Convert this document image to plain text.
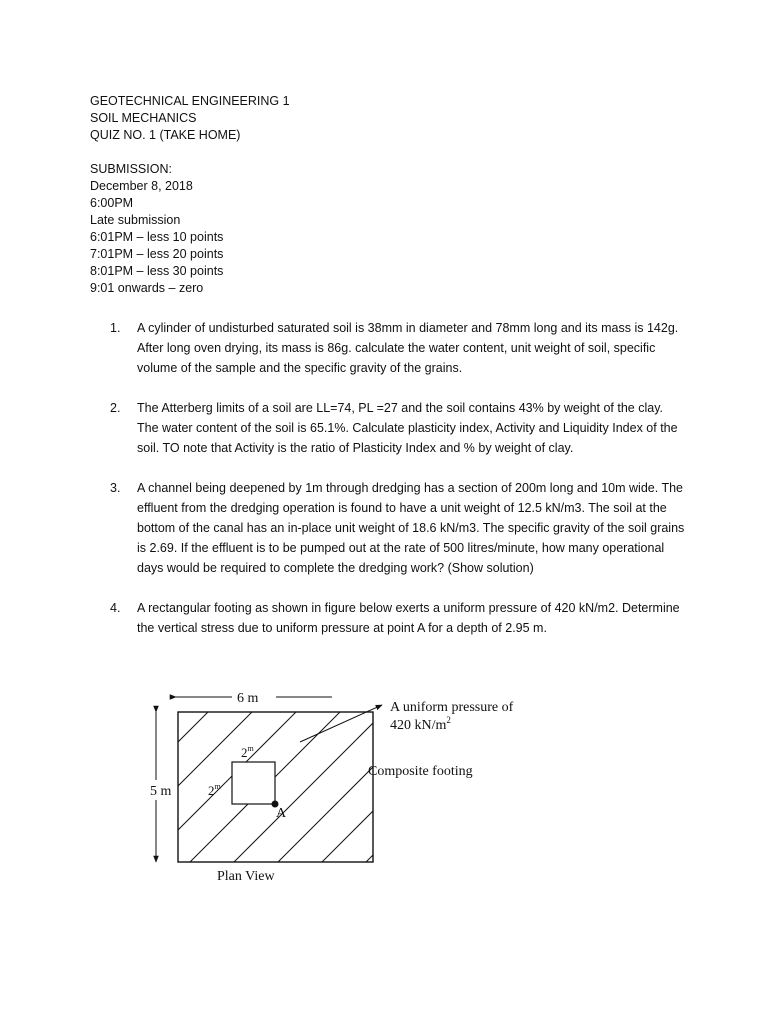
GEOTECHNICAL ENGINEERING 1
SOIL MECHANICS
QUIZ NO. 1 (TAKE HOME)
SUBMISSION:
December 8, 2018
6:00PM
Late submission
6:01PM – less 10 points
7:01PM – less 20 points
8:01PM – less 30 points
9:01 onwards – zero
1. A cylinder of undisturbed saturated soil is 38mm in diameter and 78mm long and its mass is 142g. After long oven drying, its mass is 86g. calculate the water content, unit weight of soil, specific volume of the sample and the specific gravity of the grains.
2. The Atterberg limits of a soil are LL=74, PL =27 and the soil contains 43% by weight of the clay. The water content of the soil is 65.1%. Calculate plasticity index, Activity and Liquidity Index of the soil. TO note that Activity is the ratio of Plasticity Index and % by weight of clay.
3. A channel being deepened by 1m through dredging has a section of 200m long and 10m wide. The effluent from the dredging operation is found to have a unit weight of 12.5 kN/m3. The soil at the bottom of the canal has an in-place unit weight of 18.6 kN/m3. The specific gravity of the soil grains is 2.69. If the effluent is to be pumped out at the rate of 500 litres/minute, how many operational days would be required to complete the dredging work? (Show solution)
4. A rectangular footing as shown in figure below exerts a uniform pressure of 420 kN/m2. Determine the vertical stress due to uniform pressure at point A for a depth of 2.95 m.
6 m
5 m
2$^m$
2$^m$
A
A uniform pressure of
420 $kN/m^2$
Composite footing
Plan View
